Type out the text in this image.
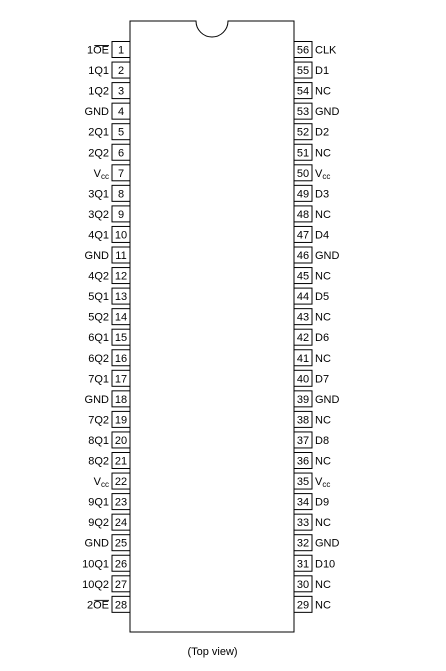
1
1OE
2
1Q1
3
1Q2
4
GND
5
2Q1
6
2Q2
7
Vcc
8
3Q1
9
3Q2
10
4Q1
11
GND
12
4Q2
13
5Q1
14
5Q2
15
6Q1
16
6Q2
17
7Q1
18
GND
19
7Q2
20
8Q1
21
8Q2
22
Vcc
23
9Q1
24
9Q2
25
GND
26
10Q1
27
10Q2
28
2OE
56 CLK
55 D1
54 NC
53 GND
52 D2
51 NC
50 Vcc
49 D3
48 NC
47 D4
46 GND
45 NC
44 D5
43 NC
42 D6
41 NC
40 D7
39 GND
38 NC
37 D8
36 NC
35 Vcc
34 D9
33 NC
32 GND
31 D10
30 NC
29 NC
(Top view)
